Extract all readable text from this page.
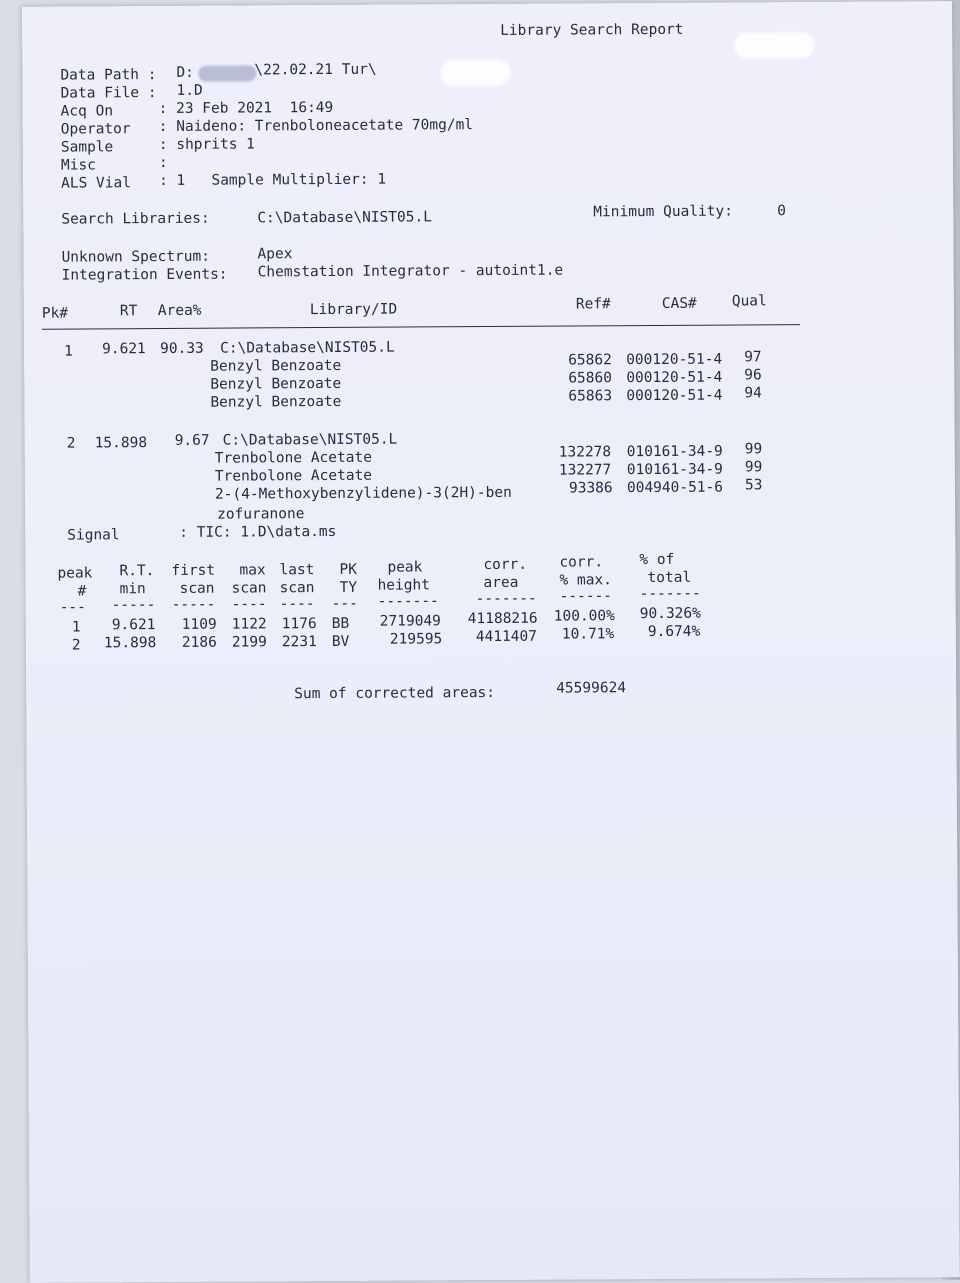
Library Search Report
Data Path : D:	\22.02.21 Tur\
Data File : 1.D
Acq On	: 23 Feb 2021  16:49
Operator : Naideno: Trenboloneacetate 70mg/ml
Sample	: shprits 1
Misc	:
ALS Vial : 1   Sample Multiplier: 1
Search Libraries:	C:\Database\NIST05.L	Minimum Quality:	0
Unknown Spectrum:	Apex
Integration Events: Chemstation Integrator - autoint1.e
Pk#	RT Area%	Library/ID	Ref#	CAS# Qual
1 9.621 90.33 C:\Database\NIST05.L
Benzyl Benzoate	65862 000120-51-4 97
Benzyl Benzoate	65860 000120-51-4 96
Benzyl Benzoate	65863 000120-51-4 94
2 15.898 9.67 C:\Database\NIST05.L
Trenbolone Acetate	132278 010161-34-9 99
Trenbolone Acetate	132277 010161-34-9 99
2-(4-Methoxybenzylidene)-3(2H)-ben	93386 004940-51-6 53
zofuranone
Signal	: TIC: 1.D\data.ms
peak R.T. first max last PK peak	corr. corr. % of
# min scan scan scan TY height	area	% max. total
--- ----- ----- ---- ---- --- -------	------- ------ -------
1 9.621 1109 1122 1176 BB 2719049 41188216 100.00% 90.326%
2 15.898 2186 2199 2231 BV	219595 4411407 10.71% 9.674%
Sum of corrected areas:	45599624
